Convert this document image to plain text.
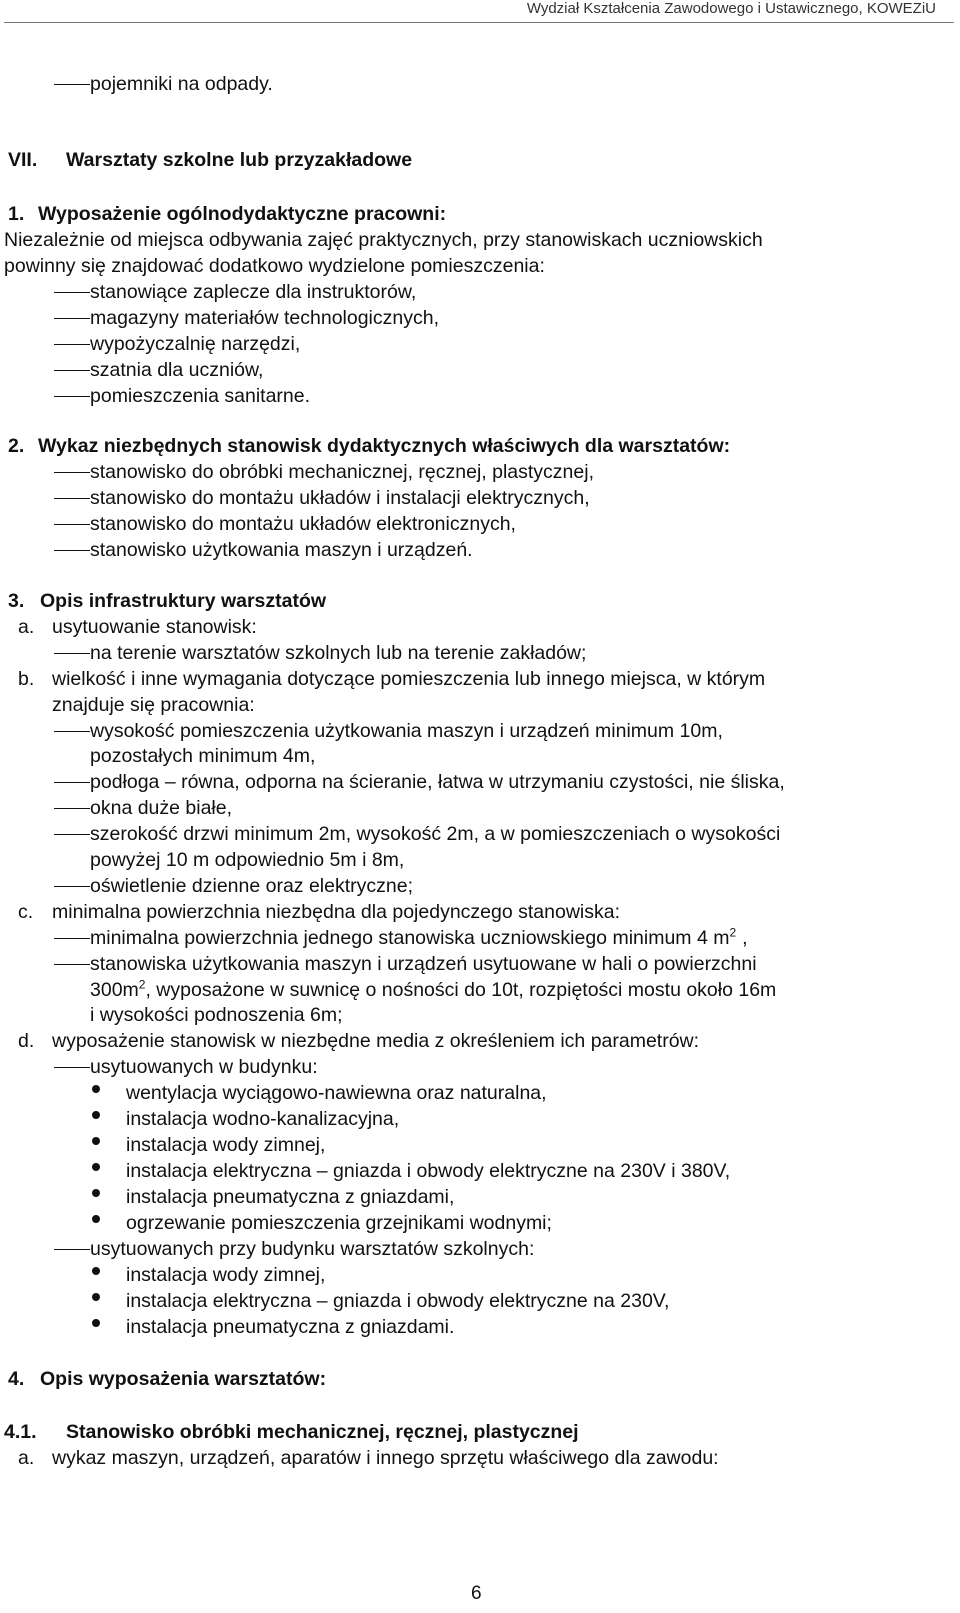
Wydział Kształcenia Zawodowego i Ustawicznego, KOWEZiU
pojemniki na odpady.
VII. Warsztaty szkolne lub przyzakładowe
1. Wyposażenie ogólnodydaktyczne pracowni:
Niezależnie od miejsca odbywania zajęć praktycznych, przy stanowiskach uczniowskich
powinny się znajdować dodatkowo wydzielone pomieszczenia:
stanowiące zaplecze dla instruktorów,
magazyny materiałów technologicznych,
wypożyczalnię narzędzi,
szatnia dla uczniów,
pomieszczenia sanitarne.
2. Wykaz niezbędnych stanowisk dydaktycznych właściwych dla warsztatów:
stanowisko do obróbki mechanicznej, ręcznej, plastycznej,
stanowisko do montażu układów i instalacji elektrycznych,
stanowisko do montażu układów elektronicznych,
stanowisko użytkowania maszyn i urządzeń.
3. Opis infrastruktury warsztatów
a. usytuowanie stanowisk:
na terenie warsztatów szkolnych lub na terenie zakładów;
b. wielkość i inne wymagania dotyczące pomieszczenia lub innego miejsca, w którym
znajduje się pracownia:
wysokość pomieszczenia użytkowania maszyn i urządzeń minimum 10m,
pozostałych minimum 4m,
podłoga – równa, odporna na ścieranie, łatwa w utrzymaniu czystości, nie śliska,
okna duże białe,
szerokość drzwi minimum 2m, wysokość 2m, a w pomieszczeniach o wysokości
powyżej 10 m odpowiednio 5m i 8m,
oświetlenie dzienne oraz elektryczne;
c. minimalna powierzchnia niezbędna dla pojedynczego stanowiska:
minimalna powierzchnia jednego stanowiska uczniowskiego minimum 4 $m^2$ ,
stanowiska użytkowania maszyn i urządzeń usytuowane w hali o powierzchni
$300m^2$, wyposażone w suwnicę o nośności do 10t, rozpiętości mostu około 16m
i wysokości podnoszenia 6m;
d. wyposażenie stanowisk w niezbędne media z określeniem ich parametrów:
usytuowanych w budynku:
wentylacja wyciągowo-nawiewna oraz naturalna,
instalacja wodno-kanalizacyjna,
instalacja wody zimnej,
instalacja elektryczna – gniazda i obwody elektryczne na 230V i 380V,
instalacja pneumatyczna z gniazdami,
ogrzewanie pomieszczenia grzejnikami wodnymi;
usytuowanych przy budynku warsztatów szkolnych:
instalacja wody zimnej,
instalacja elektryczna – gniazda i obwody elektryczne na 230V,
instalacja pneumatyczna z gniazdami.
4. Opis wyposażenia warsztatów:
4.1. Stanowisko obróbki mechanicznej, ręcznej, plastycznej
a. wykaz maszyn, urządzeń, aparatów i innego sprzętu właściwego dla zawodu:
6
